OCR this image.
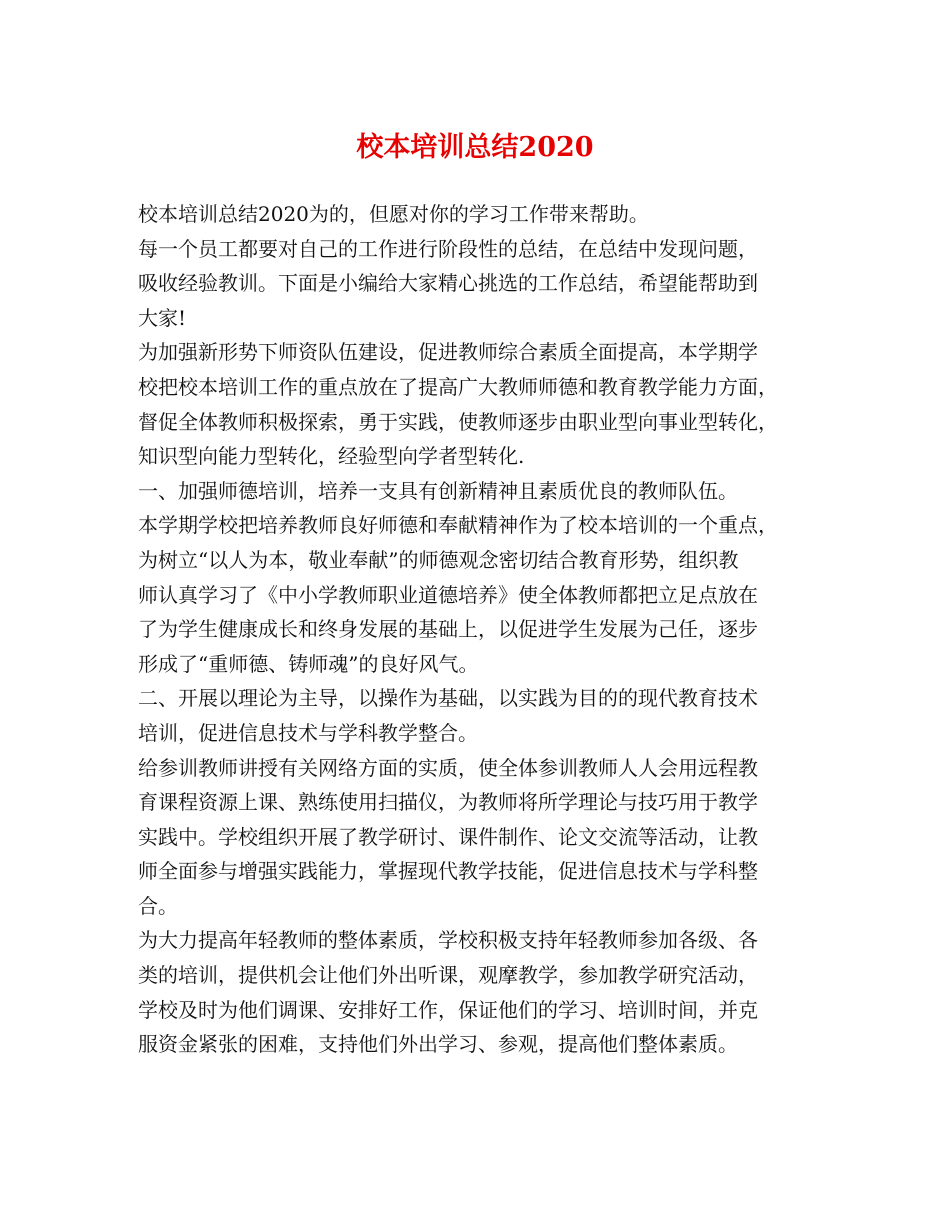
校本培训总结2020
校本培训总结2020为的，但愿对你的学习工作带来帮助。
每一个员工都要对自己的工作进行阶段性的总结，在总结中发现问题，
吸收经验教训。下面是小编给大家精心挑选的工作总结，希望能帮助到
大家!
为加强新形势下师资队伍建设，促进教师综合素质全面提高，本学期学
校把校本培训工作的重点放在了提高广大教师师德和教育教学能力方面，
督促全体教师积极探索，勇于实践，使教师逐步由职业型向事业型转化，
知识型向能力型转化，经验型向学者型转化.
一、加强师德培训，培养一支具有创新精神且素质优良的教师队伍。
本学期学校把培养教师良好师德和奉献精神作为了校本培训的一个重点，
为树立“以人为本，敬业奉献”的师德观念密切结合教育形势，组织教
师认真学习了《中小学教师职业道德培养》使全体教师都把立足点放在
了为学生健康成长和终身发展的基础上，以促进学生发展为己任，逐步
形成了“重师德、铸师魂”的良好风气。
二、开展以理论为主导，以操作为基础，以实践为目的的现代教育技术
培训，促进信息技术与学科教学整合。
给参训教师讲授有关网络方面的实质，使全体参训教师人人会用远程教
育课程资源上课、熟练使用扫描仪，为教师将所学理论与技巧用于教学
实践中。学校组织开展了教学研讨、课件制作、论文交流等活动，让教
师全面参与增强实践能力，掌握现代教学技能，促进信息技术与学科整
合。
为大力提高年轻教师的整体素质，学校积极支持年轻教师参加各级、各
类的培训，提供机会让他们外出听课，观摩教学，参加教学研究活动，
学校及时为他们调课、安排好工作，保证他们的学习、培训时间，并克
服资金紧张的困难，支持他们外出学习、参观，提高他们整体素质。
